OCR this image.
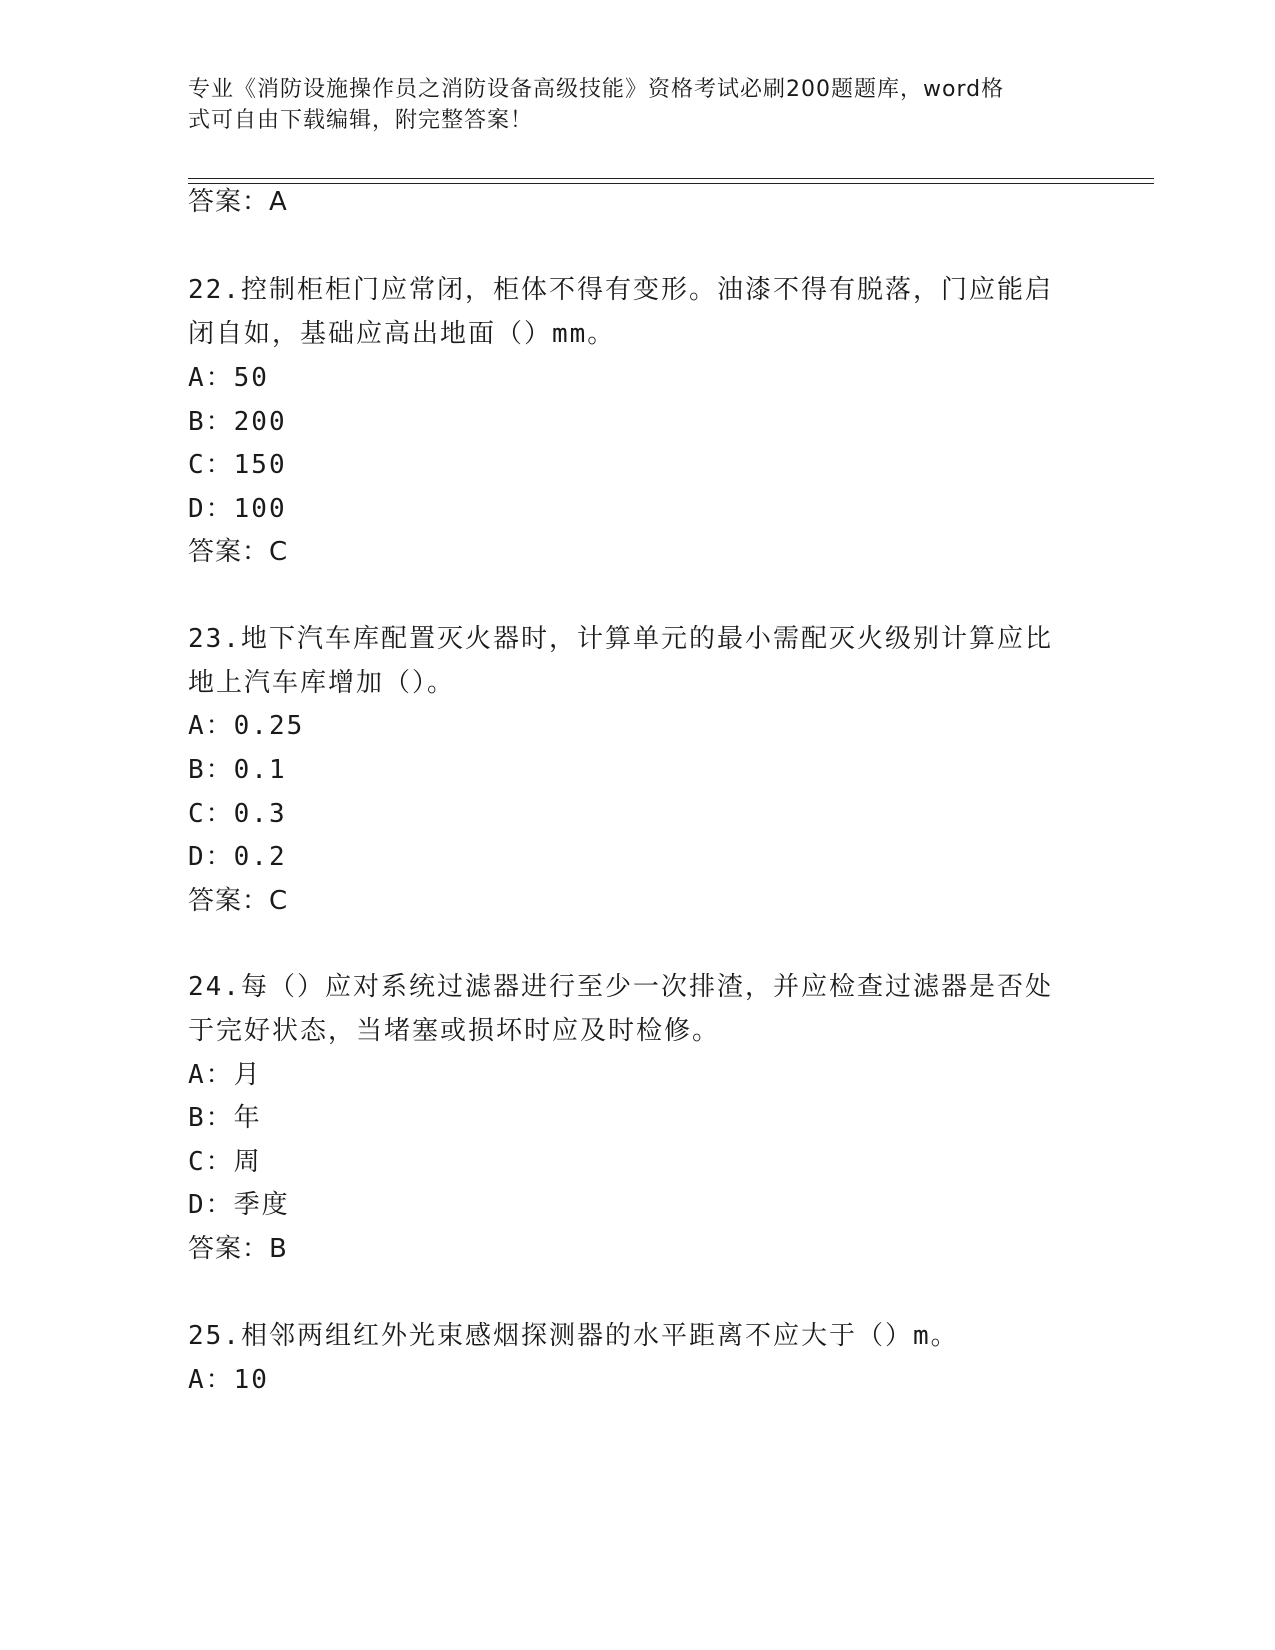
专业《消防设施操作员之消防设备高级技能》资格考试必刷200题题库，word格
式可自由下载编辑，附完整答案！
答案：A
22.控制柜柜门应常闭，柜体不得有变形。油漆不得有脱落，门应能启
闭自如，基础应高出地面（）mm。
A：50
B：200
C：150
D：100
答案：C
23.地下汽车库配置灭火器时，计算单元的最小需配灭火级别计算应比
地上汽车库增加（）。
A：0.25
B：0.1
C：0.3
D：0.2
答案：C
24.每（）应对系统过滤器进行至少一次排渣，并应检查过滤器是否处
于完好状态，当堵塞或损坏时应及时检修。
A：月
B：年
C：周
D：季度
答案：B
25.相邻两组红外光束感烟探测器的水平距离不应大于（）m。
A：10
